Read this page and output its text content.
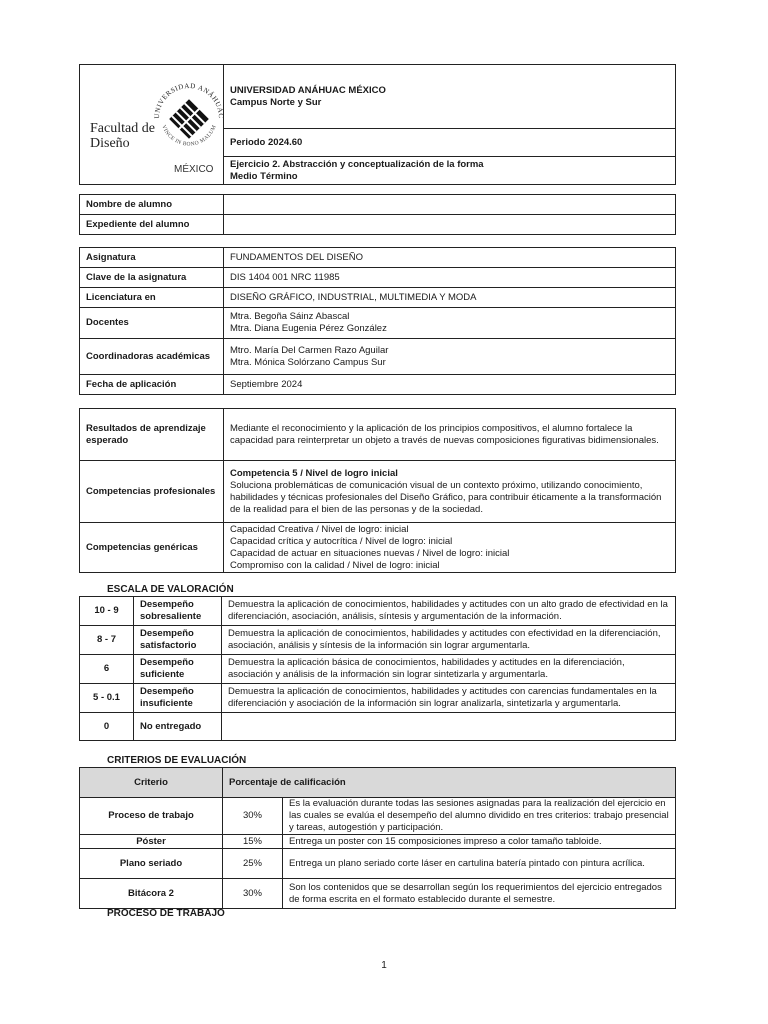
Facultad de
Diseño
UNIVERSIDAD ANÁHUAC
VINCE IN BONO MALUM
MÉXICO

UNIVERSIDAD ANÁHUAC MÉXICO
Campus Norte y Sur

Periodo 2024.60

Ejercicio 2. Abstracción y conceptualización de la forma
Medio Término
Nombre de alumno	
Expediente del alumno	
Asignatura	FUNDAMENTOS DEL DISEÑO

Clave de la asignatura	DIS 1404 001 NRC 11985

Licenciatura en	DISEÑO GRÁFICO, INDUSTRIAL, MULTIMEDIA Y MODA

Docentes	Mtra. Begoña Sáinz Abascal
Mtra. Diana Eugenia Pérez González

Coordinadoras académicas	Mtro. María Del Carmen Razo Aguilar
Mtra. Mónica Solórzano Campus Sur

Fecha de aplicación	Septiembre 2024
Resultados de aprendizaje esperado	Mediante el reconocimiento y la aplicación de los principios compositivos, el alumno fortalece la capacidad para reinterpretar un objeto a través de nuevas composiciones figurativas bidimensionales.
Competencias profesionales	Competencia 5 / Nivel de logro inicial
Soluciona problemáticas de comunicación visual de un contexto próximo, utilizando conocimiento, habilidades y técnicas profesionales del Diseño Gráfico, para contribuir éticamente a la transformación de la realidad para el bien de las personas y de la sociedad.

Competencias genéricas	Capacidad Creativa / Nivel de logro: inicial
Capacidad crítica y autocrítica / Nivel de logro: inicial
Capacidad de actuar en situaciones nuevas / Nivel de logro: inicial
Compromiso con la calidad / Nivel de logro: inicial
ESCALA DE VALORACIÓN
10 - 9	Desempeño sobresaliente	Demuestra la aplicación de conocimientos, habilidades y actitudes con un alto grado de efectividad en la diferenciación, asociación, análisis, síntesis y argumentación de la información.
8 - 7	Desempeño satisfactorio	Demuestra la aplicación de conocimientos, habilidades y actitudes con efectividad en la diferenciación, asociación, análisis y síntesis de la información sin lograr argumentarla.
6	Desempeño suficiente	Demuestra la aplicación básica de conocimientos, habilidades y actitudes en la diferenciación, asociación y análisis de la información sin lograr sintetizarla y argumentarla.
5 - 0.1	Desempeño insuficiente	Demuestra la aplicación de conocimientos, habilidades y actitudes con carencias fundamentales en la diferenciación y asociación de la información sin lograr analizarla, sintetizarla y argumentarla.
0	No entregado	
CRITERIOS DE EVALUACIÓN
Criterio	Porcentaje de calificación	
Proceso de trabajo	30%	Es la evaluación durante todas las sesiones asignadas para la realización del ejercicio en las cuales se evalúa el desempeño del alumno dividido en tres criterios: trabajo presencial y tareas, autogestión y participación.
Póster	15%	Entrega un poster con 15 composiciones impreso a color tamaño tabloide.
Plano seriado	25%	Entrega un plano seriado corte láser en cartulina batería pintado con pintura acrílica.
Bitácora 2	30%	Son los contenidos que se desarrollan según los requerimientos del ejercicio entregados de forma escrita en el formato establecido durante el semestre.
PROCESO DE TRABAJO
1
